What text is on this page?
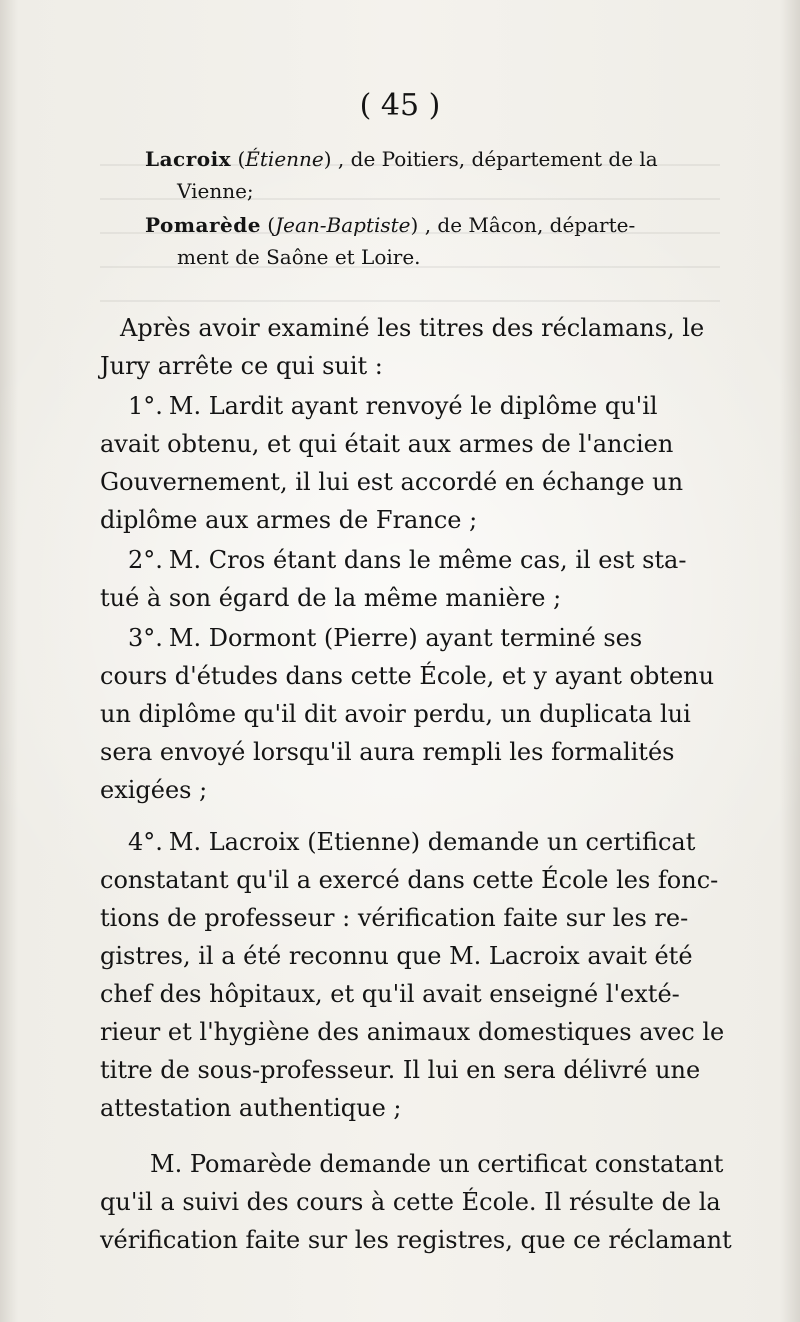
( 45 )
Lacroix (Étienne) , de Poitiers, département de la
Vienne;
Pomarède (Jean-Baptiste) , de Mâcon, départe-
ment de Saône et Loire.
Après avoir examiné les titres des réclamans, le
Jury arrête ce qui suit :
1°. M. Lardit ayant renvoyé le diplôme qu'il
avait obtenu, et qui était aux armes de l'ancien
Gouvernement, il lui est accordé en échange un
diplôme aux armes de France ;
2°. M. Cros étant dans le même cas, il est sta-
tué à son égard de la même manière ;
3°. M. Dormont (Pierre) ayant terminé ses
cours d'études dans cette École, et y ayant obtenu
un diplôme qu'il dit avoir perdu, un duplicata lui
sera envoyé lorsqu'il aura rempli les formalités
exigées ;
4°. M. Lacroix (Etienne) demande un certificat
constatant qu'il a exercé dans cette École les fonc-
tions de professeur : vérification faite sur les re-
gistres, il a été reconnu que M. Lacroix avait été
chef des hôpitaux, et qu'il avait enseigné l'exté-
rieur et l'hygiène des animaux domestiques avec le
titre de sous-professeur. Il lui en sera délivré une
attestation authentique ;
M. Pomarède demande un certificat constatant
qu'il a suivi des cours à cette École. Il résulte de la
vérification faite sur les registres, que ce réclamant
